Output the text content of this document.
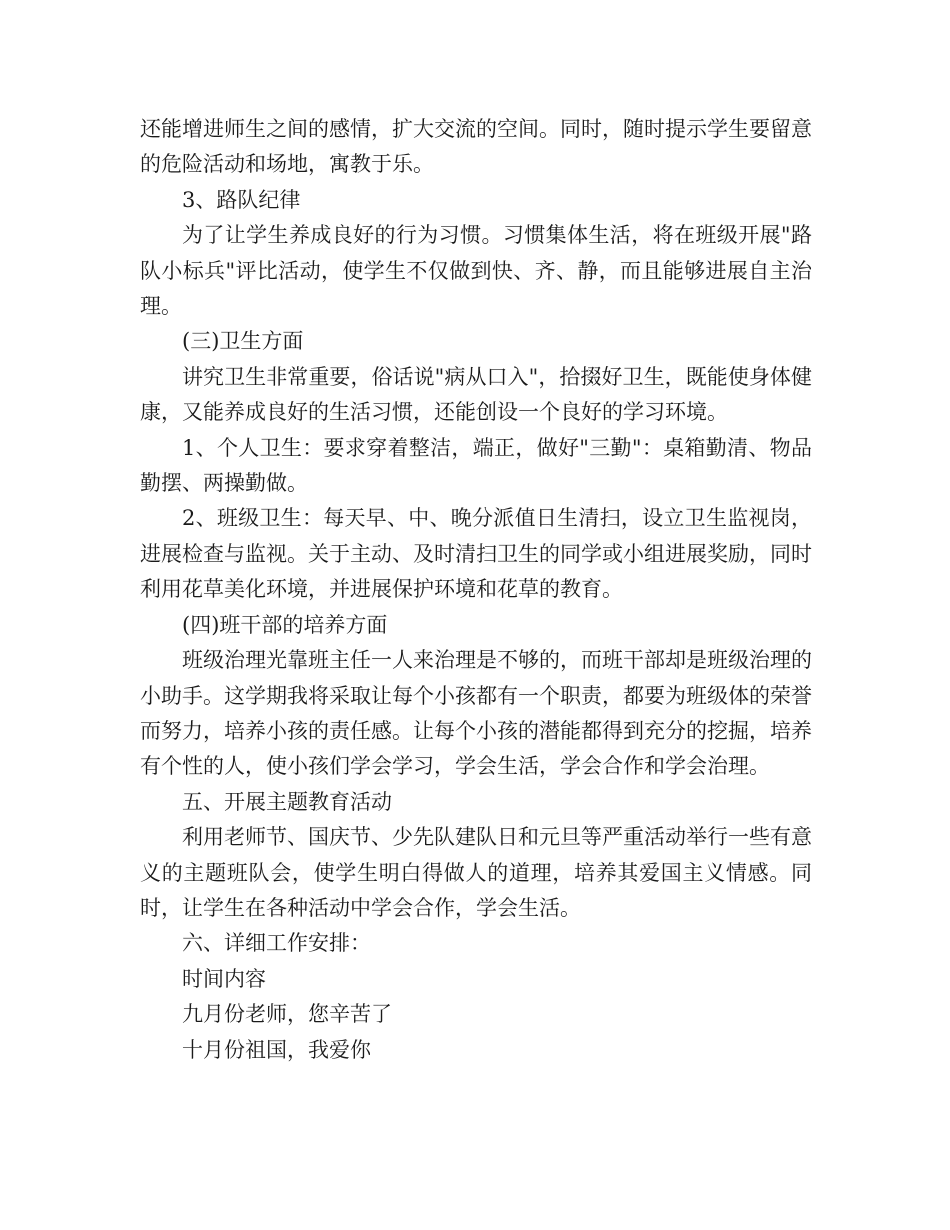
还能增进师生之间的感情，扩大交流的空间。同时，随时提示学生要留意的危险活动和场地，寓教于乐。

3、路队纪律

为了让学生养成良好的行为习惯。习惯集体生活，将在班级开展"路队小标兵"评比活动，使学生不仅做到快、齐、静，而且能够进展自主治理。

(三)卫生方面

讲究卫生非常重要，俗话说"病从口入"，拾掇好卫生，既能使身体健康，又能养成良好的生活习惯，还能创设一个良好的学习环境。

1、个人卫生：要求穿着整洁，端正，做好"三勤"：桌箱勤清、物品勤摆、两操勤做。

2、班级卫生：每天早、中、晚分派值日生清扫，设立卫生监视岗，进展检查与监视。关于主动、及时清扫卫生的同学或小组进展奖励，同时利用花草美化环境，并进展保护环境和花草的教育。

(四)班干部的培养方面

班级治理光靠班主任一人来治理是不够的，而班干部却是班级治理的小助手。这学期我将采取让每个小孩都有一个职责，都要为班级体的荣誉而努力，培养小孩的责任感。让每个小孩的潜能都得到充分的挖掘，培养有个性的人，使小孩们学会学习，学会生活，学会合作和学会治理。

五、开展主题教育活动

利用老师节、国庆节、少先队建队日和元旦等严重活动举行一些有意义的主题班队会，使学生明白得做人的道理，培养其爱国主义情感。同时，让学生在各种活动中学会合作，学会生活。

六、详细工作安排：

时间内容

九月份老师，您辛苦了

十月份祖国，我爱你
